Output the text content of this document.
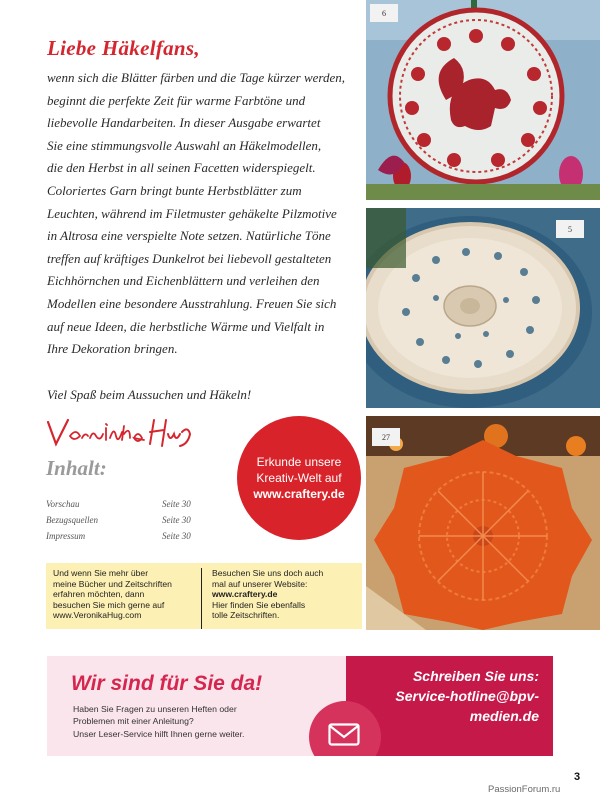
Liebe Häkelfans,
wenn sich die Blätter färben und die Tage kürzer werden,
beginnt die perfekte Zeit für warme Farbtöne und
liebevolle Handarbeiten. In dieser Ausgabe erwartet
Sie eine stimmungsvolle Auswahl an Häkelmodellen,
die den Herbst in all seinen Facetten widerspiegelt.
Coloriertes Garn bringt bunte Herbstblätter zum
Leuchten, während im Filetmuster gehäkelte Pilzmotive
in Altrosa eine verspielte Note setzen. Natürliche Töne
treffen auf kräftiges Dunkelrot bei liebevoll gestalteten
Eichhörnchen und Eichenblättern und verleihen den
Modellen eine besondere Ausstrahlung. Freuen Sie sich
auf neue Ideen, die herbstliche Wärme und Vielfalt in
Ihre Dekoration bringen.
Viel Spaß beim Aussuchen und Häkeln!
Inhalt:
Vorschau	Seite 30
Bezugsquellen	Seite 30
Impressum	Seite 30
Erkunde unsere
Kreativ-Welt auf
www.craftery.de
Und wenn Sie mehr über
meine Bücher und Zeitschriften
erfahren möchten, dann
besuchen Sie mich gerne auf
www.VeronikaHug.com
Besuchen Sie uns doch auch
mal auf unserer Website:
www.craftery.de
Hier finden Sie ebenfalls
tolle Zeitschriften.
6
5
27
Wir sind für Sie da!
Haben Sie Fragen zu unseren Heften oder
Problemen mit einer Anleitung?
Unser Leser-Service hilft Ihnen gerne weiter.
Schreiben Sie uns:
Service-hotline@bpv-
medien.de
3
PassionForum.ru
